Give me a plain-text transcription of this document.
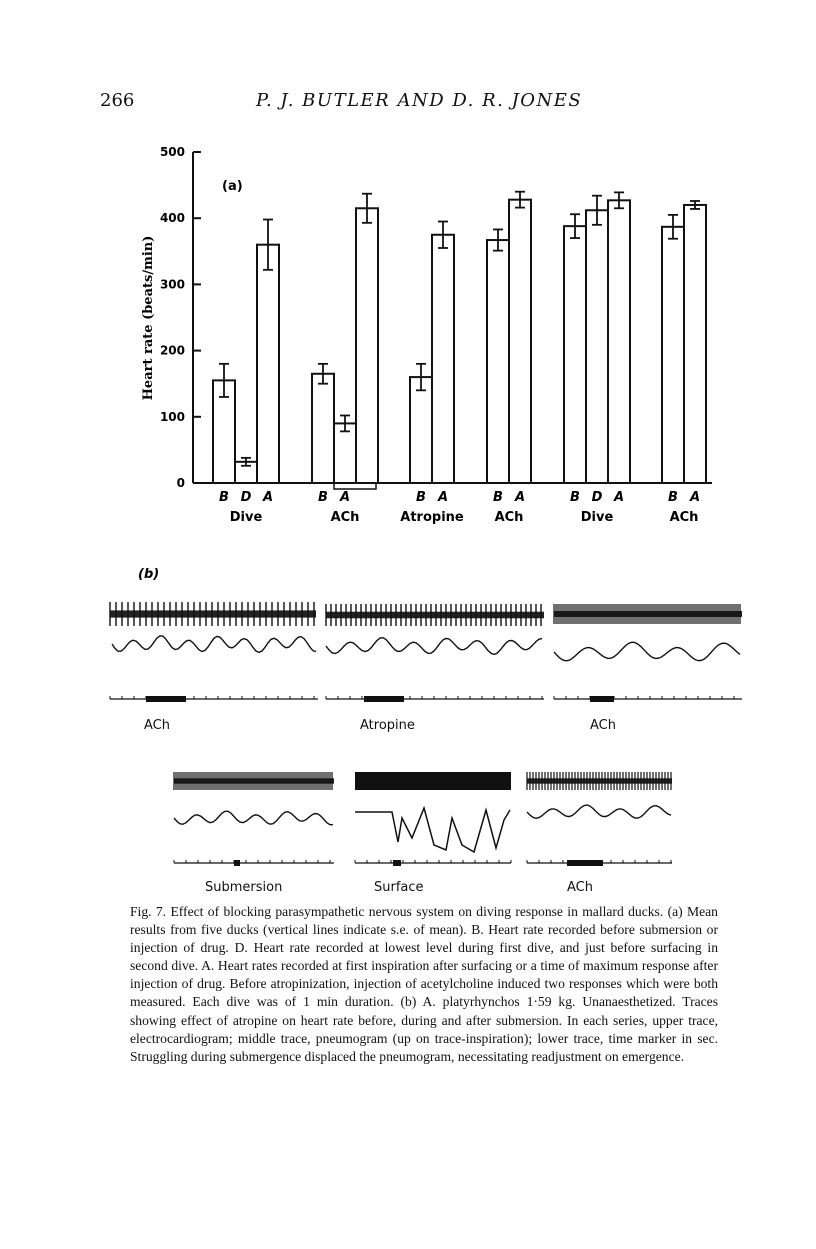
266	P. J. BUTLER AND D. R. JONES
0
100
200
300
400
500
Heart rate (beats/min)
(a)
B D A
Dive
B A
ACh
B A
Atropine
B A
ACh
B D A
Dive
B A
ACh
(b)
ACh	Atropine	ACh
Submersion	Surface	ACh
Fig. 7. Effect of blocking parasympathetic nervous system on diving response in mallard ducks. (a) Mean results from five ducks (vertical lines indicate s.e. of mean). B. Heart rate recorded before submersion or injection of drug. D. Heart rate recorded at lowest level during first dive, and just before surfacing in second dive. A. Heart rates recorded at first inspiration after surfacing or a time of maximum response after injection of drug. Before atropinization, injection of acetylcholine induced two responses which were both measured. Each dive was of 1 min duration. (b) A. platyrhynchos 1·59 kg. Unanaesthetized. Traces showing effect of atropine on heart rate before, during and after submersion. In each series, upper trace, electrocardiogram; middle trace, pneumogram (up on trace-inspiration); lower trace, time marker in sec. Struggling during submergence displaced the pneumogram, necessitating readjustment on emergence.
